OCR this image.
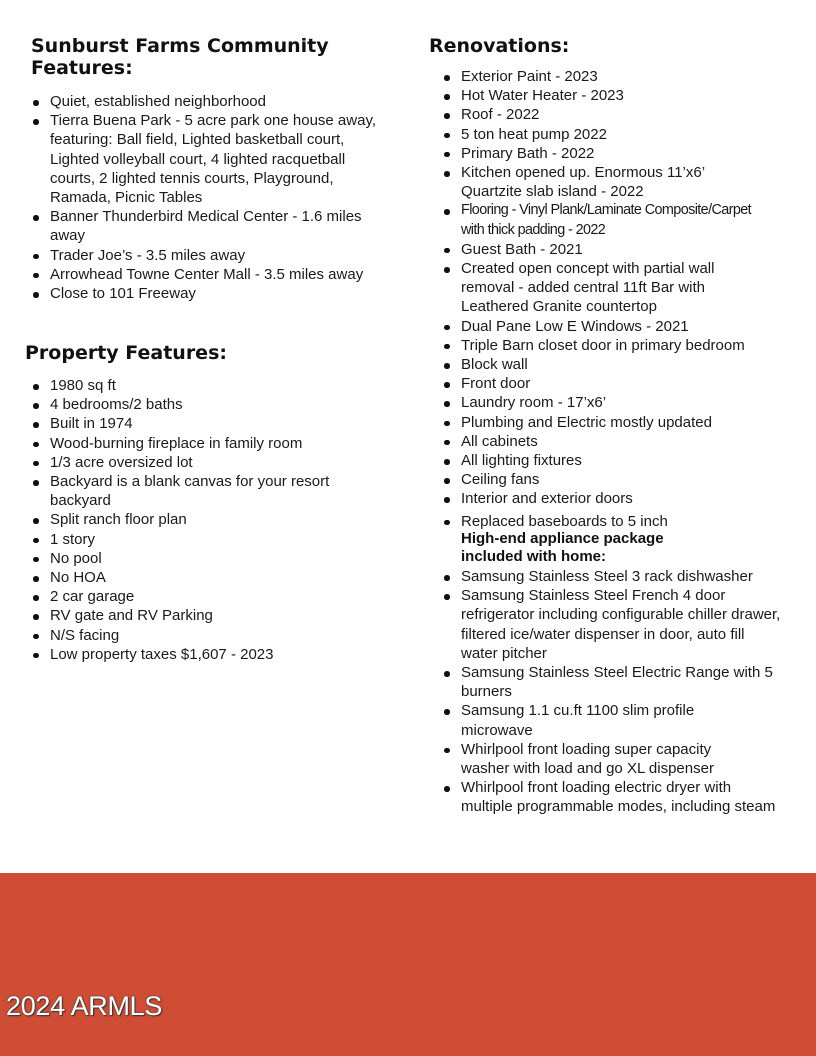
Sunburst Farms Community Features:
Quiet, established neighborhood
Tierra Buena Park - 5 acre park one house away, featuring: Ball field, Lighted basketball court, Lighted volleyball court, 4 lighted racquetball courts, 2 lighted tennis courts, Playground, Ramada, Picnic Tables
Banner Thunderbird Medical Center - 1.6 miles away
Trader Joe’s - 3.5 miles away
Arrowhead Towne Center Mall - 3.5 miles away
Close to 101 Freeway
Property Features:
1980 sq ft
4 bedrooms/2 baths
Built in 1974
Wood-burning fireplace in family room
1/3 acre oversized lot
Backyard is a blank canvas for your resort backyard
Split ranch floor plan
1 story
No pool
No HOA
2 car garage
RV gate and RV Parking
N/S facing
Low property taxes $1,607 - 2023
Renovations:
Exterior Paint - 2023
Hot Water Heater - 2023
Roof - 2022
5 ton heat pump 2022
Primary Bath - 2022
Kitchen opened up. Enormous 11’x6’ Quartzite slab island - 2022
Flooring - Vinyl Plank/Laminate Composite/Carpet with thick padding - 2022
Guest Bath - 2021
Created open concept with partial wall removal - added central 11ft Bar with Leathered Granite countertop
Dual Pane Low E Windows - 2021
Triple Barn closet door in primary bedroom
Block wall
Front door
Laundry room - 17’x6’
Plumbing and Electric mostly updated
All cabinets
All lighting fixtures
Ceiling fans
Interior and exterior doors
Replaced baseboards to 5 inch
High-end appliance package included with home:
Samsung Stainless Steel 3 rack dishwasher
Samsung Stainless Steel French 4 door refrigerator including configurable chiller drawer, filtered ice/water dispenser in door, auto fill water pitcher
Samsung Stainless Steel Electric Range with 5 burners
Samsung 1.1 cu.ft 1100 slim profile microwave
Whirlpool front loading super capacity washer with load and go XL dispenser
Whirlpool front loading electric dryer with multiple programmable modes, including steam
2024 ARMLS
